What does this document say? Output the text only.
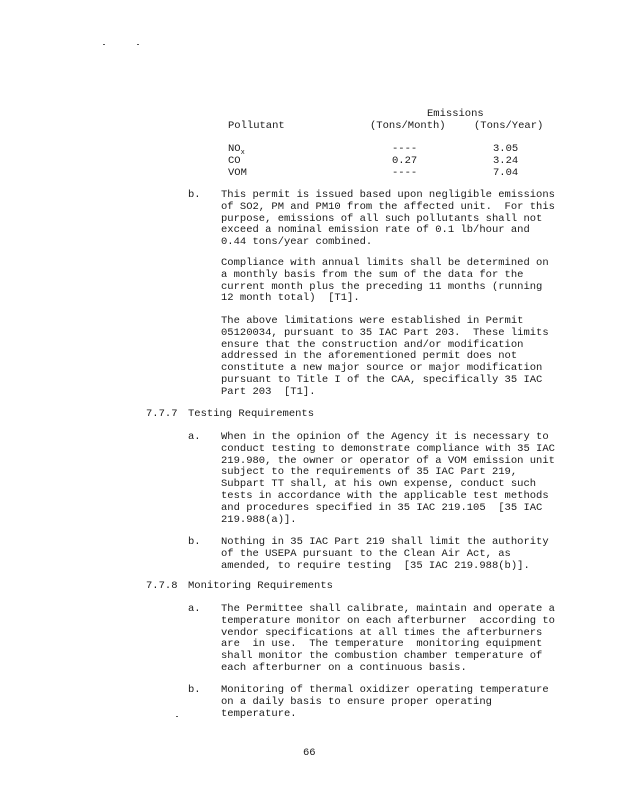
Emissions
Pollutant	(Tons/Month)	(Tons/Year)
$NO_x$	----	3.05
CO	0.27	3.24
VOM	----	7.04
b. This permit is issued based upon negligible emissions
of SO2, PM and PM10 from the affected unit.  For this
purpose, emissions of all such pollutants shall not
exceed a nominal emission rate of 0.1 lb/hour and
0.44 tons/year combined.
Compliance with annual limits shall be determined on
a monthly basis from the sum of the data for the
current month plus the preceding 11 months (running
12 month total)  [T1].
The above limitations were established in Permit
05120034, pursuant to 35 IAC Part 203.  These limits
ensure that the construction and/or modification
addressed in the aforementioned permit does not
constitute a new major source or major modification
pursuant to Title I of the CAA, specifically 35 IAC
Part 203  [T1].
7.7.7 Testing Requirements
a. When in the opinion of the Agency it is necessary to
conduct testing to demonstrate compliance with 35 IAC
219.980, the owner or operator of a VOM emission unit
subject to the requirements of 35 IAC Part 219,
Subpart TT shall, at his own expense, conduct such
tests in accordance with the applicable test methods
and procedures specified in 35 IAC 219.105  [35 IAC
219.988(a)].
b. Nothing in 35 IAC Part 219 shall limit the authority
of the USEPA pursuant to the Clean Air Act, as
amended, to require testing  [35 IAC 219.988(b)].
7.7.8 Monitoring Requirements
a. The Permittee shall calibrate, maintain and operate a
temperature monitor on each afterburner  according to
vendor specifications at all times the afterburners
are  in use.  The temperature  monitoring equipment
shall monitor the combustion chamber temperature of
each afterburner on a continuous basis.
b. Monitoring of thermal oxidizer operating temperature
on a daily basis to ensure proper operating
temperature.
66
